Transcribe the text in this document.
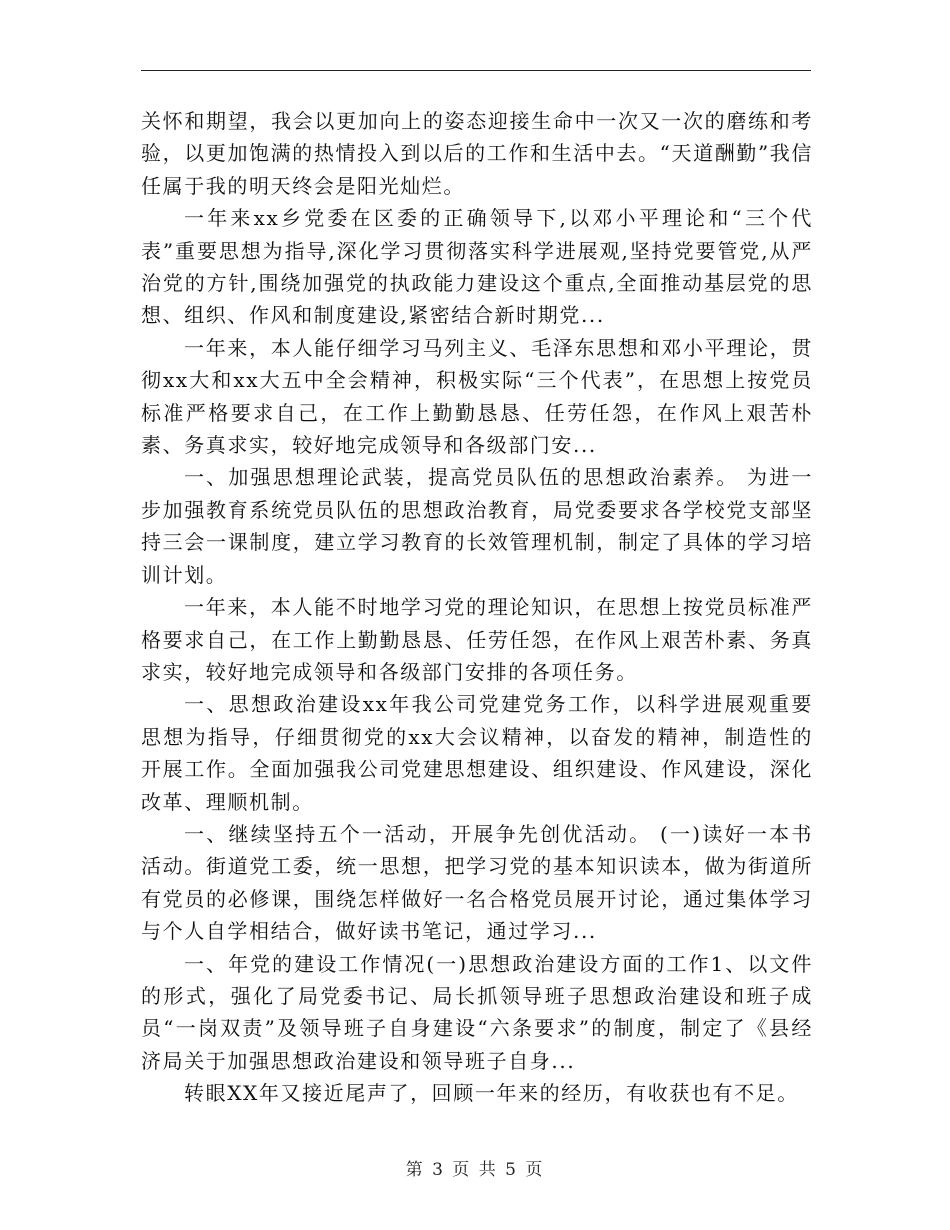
关怀和期望，我会以更加向上的姿态迎接生命中一次又一次的磨练和考验，以更加饱满的热情投入到以后的工作和生活中去。“天道酬勤”我信任属于我的明天终会是阳光灿烂。

一年来xx乡党委在区委的正确领导下,以邓小平理论和“三个代表”重要思想为指导,深化学习贯彻落实科学进展观,坚持党要管党,从严治党的方针,围绕加强党的执政能力建设这个重点,全面推动基层党的思想、组织、作风和制度建设,紧密结合新时期党...

一年来，本人能仔细学习马列主义、毛泽东思想和邓小平理论，贯彻xx大和xx大五中全会精神，积极实际“三个代表”，在思想上按党员标准严格要求自己，在工作上勤勤恳恳、任劳任怨，在作风上艰苦朴素、务真求实，较好地完成领导和各级部门安...

一、加强思想理论武装，提高党员队伍的思想政治素养。 为进一步加强教育系统党员队伍的思想政治教育，局党委要求各学校党支部坚持三会一课制度，建立学习教育的长效管理机制，制定了具体的学习培训计划。

一年来，本人能不时地学习党的理论知识，在思想上按党员标准严格要求自己，在工作上勤勤恳恳、任劳任怨，在作风上艰苦朴素、务真求实，较好地完成领导和各级部门安排的各项任务。

一、思想政治建设xx年我公司党建党务工作，以科学进展观重要思想为指导，仔细贯彻党的xx大会议精神，以奋发的精神，制造性的开展工作。全面加强我公司党建思想建设、组织建设、作风建设，深化改革、理顺机制。

一、继续坚持五个一活动，开展争先创优活动。 (一)读好一本书活动。街道党工委，统一思想，把学习党的基本知识读本，做为街道所有党员的必修课，围绕怎样做好一名合格党员展开讨论，通过集体学习与个人自学相结合，做好读书笔记，通过学习...

一、年党的建设工作情况(一)思想政治建设方面的工作1、以文件的形式，强化了局党委书记、局长抓领导班子思想政治建设和班子成员“一岗双责”及领导班子自身建设“六条要求”的制度，制定了《县经济局关于加强思想政治建设和领导班子自身...

转眼XX年又接近尾声了，回顾一年来的经历，有收获也有不足。

第 3 页 共 5 页
